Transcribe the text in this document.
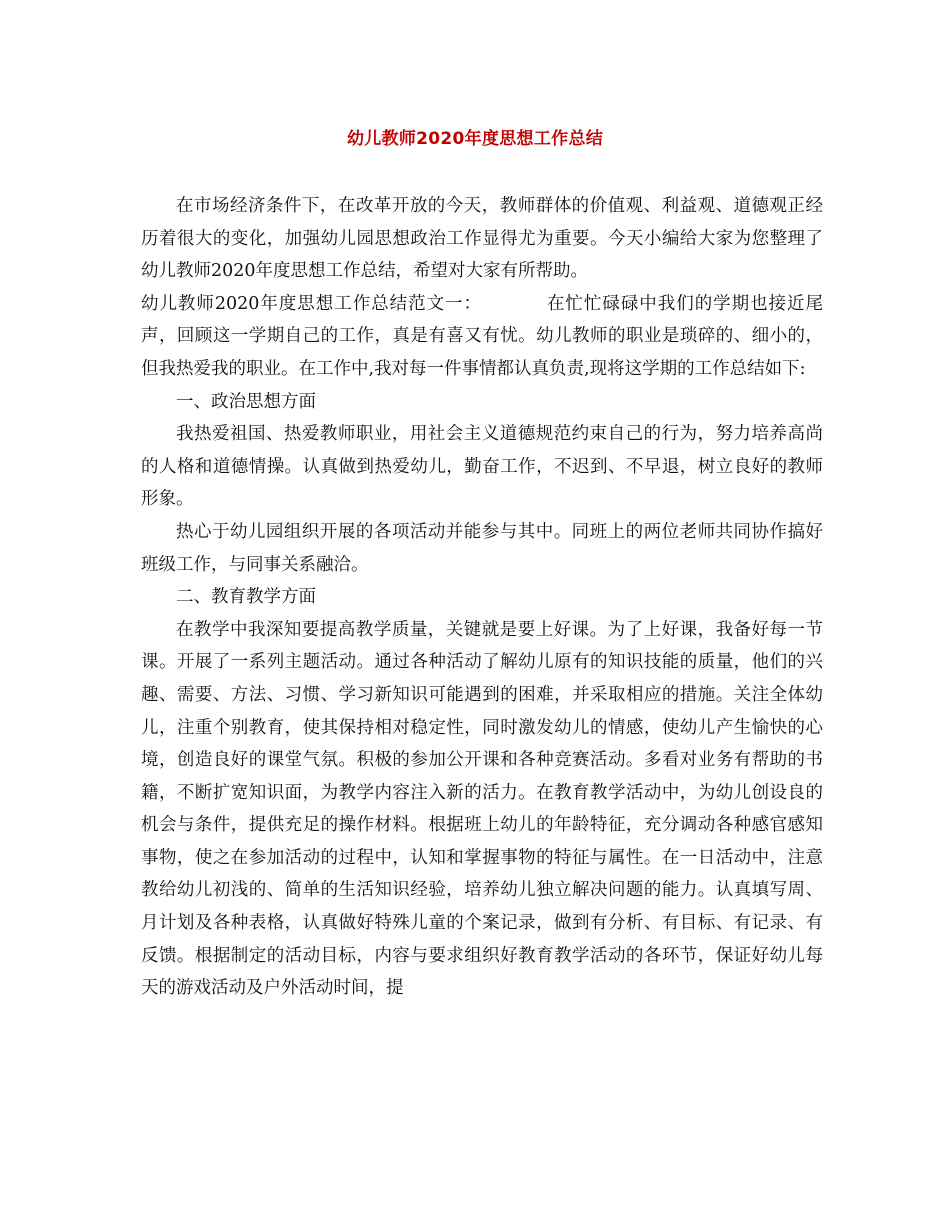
幼儿教师2020年度思想工作总结

在市场经济条件下，在改革开放的今天，教师群体的价值观、利益观、道德观正经历着很大的变化，加强幼儿园思想政治工作显得尤为重要。今天小编给大家为您整理了幼儿教师2020年度思想工作总结，希望对大家有所帮助。

幼儿教师2020年度思想工作总结范文一：	在忙忙碌碌中我们的学期也接近尾声，回顾这一学期自己的工作，真是有喜又有忧。幼儿教师的职业是琐碎的、细小的，但我热爱我的职业。在工作中,我对每一件事情都认真负责,现将这学期的工作总结如下:

一、政治思想方面

我热爱祖国、热爱教师职业，用社会主义道德规范约束自己的行为，努力培养高尚的人格和道德情操。认真做到热爱幼儿，勤奋工作，不迟到、不早退，树立良好的教师形象。

热心于幼儿园组织开展的各项活动并能参与其中。同班上的两位老师共同协作搞好班级工作，与同事关系融洽。

二、教育教学方面

在教学中我深知要提高教学质量，关键就是要上好课。为了上好课，我备好每一节课。开展了一系列主题活动。通过各种活动了解幼儿原有的知识技能的质量，他们的兴趣、需要、方法、习惯、学习新知识可能遇到的困难，并采取相应的措施。关注全体幼儿，注重个别教育，使其保持相对稳定性，同时激发幼儿的情感，使幼儿产生愉快的心境，创造良好的课堂气氛。积极的参加公开课和各种竞赛活动。多看对业务有帮助的书籍，不断扩宽知识面，为教学内容注入新的活力。在教育教学活动中，为幼儿创设良的机会与条件，提供充足的操作材料。根据班上幼儿的年龄特征，充分调动各种感官感知事物，使之在参加活动的过程中，认知和掌握事物的特征与属性。在一日活动中，注意教给幼儿初浅的、简单的生活知识经验，培养幼儿独立解决问题的能力。认真填写周、月计划及各种表格，认真做好特殊儿童的个案记录，做到有分析、有目标、有记录、有反馈。根据制定的活动目标，内容与要求组织好教育教学活动的各环节，保证好幼儿每天的游戏活动及户外活动时间，提
